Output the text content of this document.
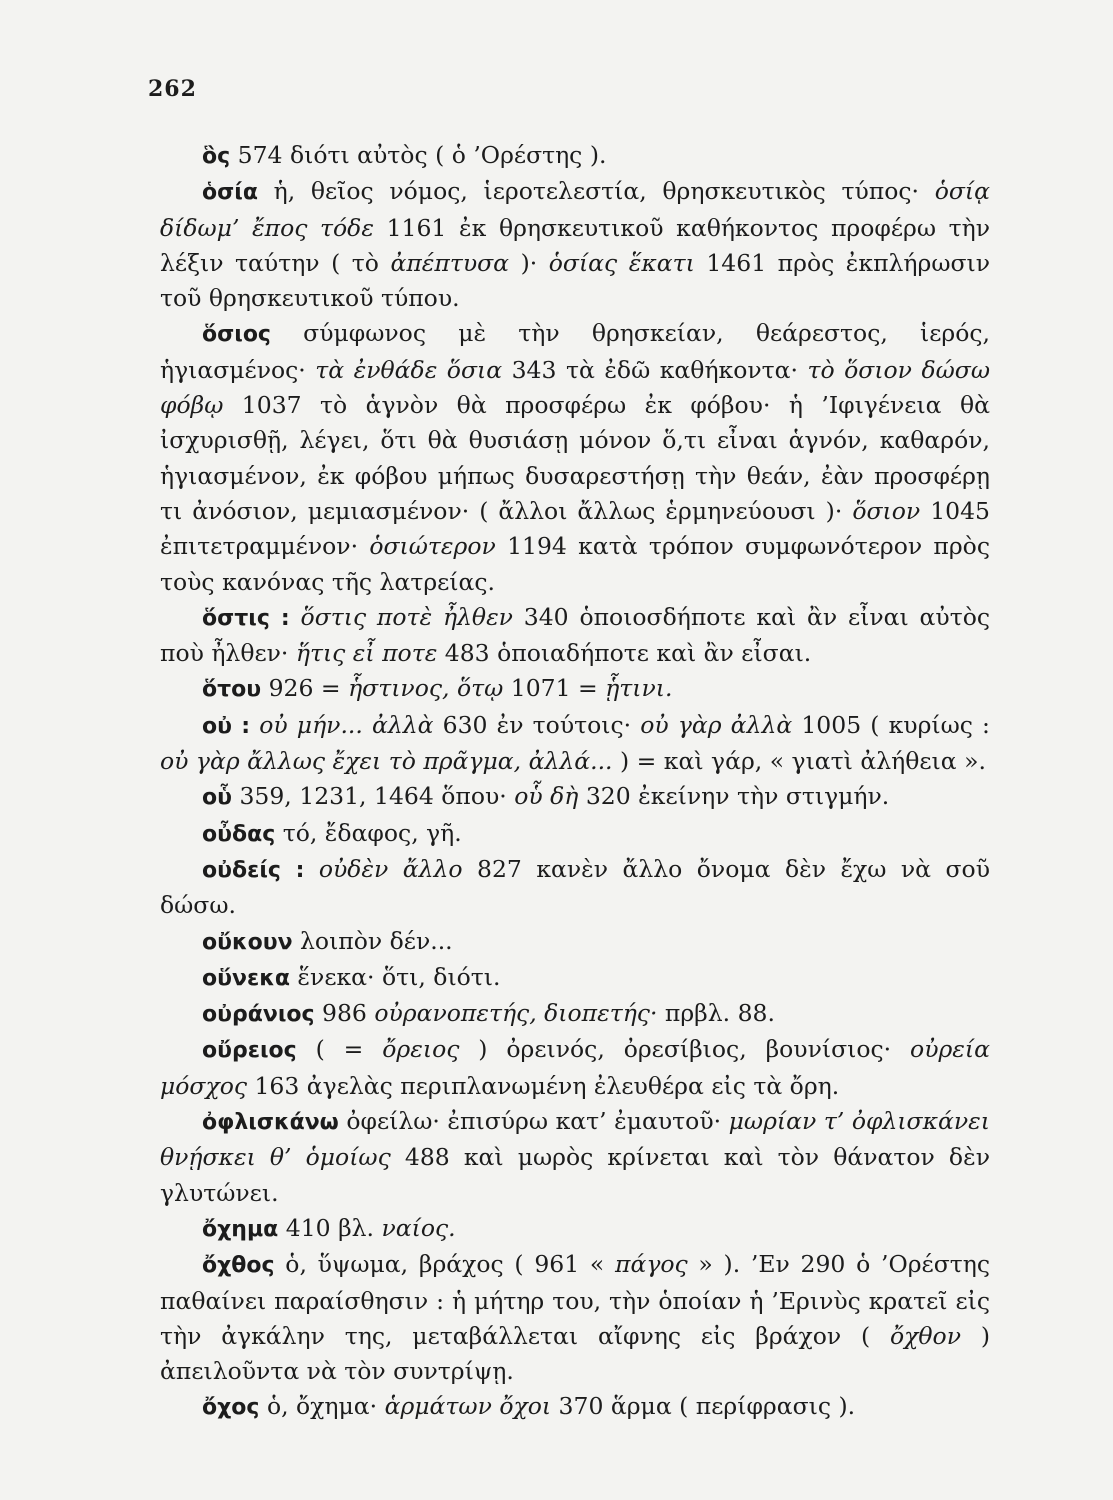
262

ὃς 574 διότι αὐτὸς ( ὁ ’Ορέστης ).

ὁσία ἡ, θεῖος νόμος, ἱεροτελεστία, θρησκευτικὸς τύπος· ὁσίᾳ δίδωμ’ ἔπος τόδε 1161 ἐκ θρησκευτικοῦ καθήκοντος προφέρω τὴν λέξιν ταύτην ( τὸ ἀπέπτυσα )· ὁσίας ἕκατι 1461 πρὸς ἐκπλήρωσιν τοῦ θρησκευτικοῦ τύπου.

ὅσιος σύμφωνος μὲ τὴν θρησκείαν, θεάρεστος, ἱερός, ἡγιασμένος· τὰ ἐνθάδε ὅσια 343 τὰ ἐδῶ καθήκοντα· τὸ ὅσιον δώσω φόβῳ 1037 τὸ ἁγνὸν θὰ προσφέρω ἐκ φόβου· ἡ ’Ιφιγένεια θὰ ἰσχυρισθῇ, λέγει, ὅτι θὰ θυσιάσῃ μόνον ὅ,τι εἶναι ἁγνόν, καθαρόν, ἡγιασμένον, ἐκ φόβου μήπως δυσαρεστήσῃ τὴν θεάν, ἐὰν προσφέρῃ τι ἀνόσιον, μεμιασμένον· ( ἄλλοι ἄλλως ἑρμηνεύουσι )· ὅσιον 1045 ἐπιτετραμμένον· ὁσιώτερον 1194 κατὰ τρόπον συμφωνότερον πρὸς τοὺς κανόνας τῆς λατρείας.

ὅστις : ὅστις ποτὲ ἦλθεν 340 ὁποιοσδήποτε καὶ ἂν εἶναι αὐτὸς ποὺ ἦλθεν· ἥτις εἶ ποτε 483 ὁποιαδήποτε καὶ ἂν εἶσαι.

ὅτου 926 = ἧστινος, ὅτῳ 1071 = ᾗτινι.

οὐ : οὐ μήν... ἀλλὰ 630 ἐν τούτοις· οὐ γὰρ ἀλλὰ 1005 ( κυρίως : οὐ γὰρ ἄλλως ἔχει τὸ πρᾶγμα, ἀλλά... ) = καὶ γάρ, « γιατὶ ἀλήθεια ».

οὗ 359, 1231, 1464 ὅπου· οὗ δὴ 320 ἐκείνην τὴν στιγμήν.

οὖδας τό, ἔδαφος, γῆ.

οὐδείς : οὐδὲν ἄλλο 827 κανὲν ἄλλο ὄνομα δὲν ἔχω νὰ σοῦ δώσω.

οὔκουν λοιπὸν δέν...

οὕνεκα ἕνεκα· ὅτι, διότι.

οὐράνιος 986 οὐρανοπετής, διοπετής· πρβλ. 88.

οὔρειος ( = ὄρειος ) ὀρεινός, ὀρεσίβιος, βουνίσιος· οὐρεία μόσχος 163 ἀγελὰς περιπλανωμένη ἐλευθέρα εἰς τὰ ὄρη.

ὀφλισκάνω ὀφείλω· ἐπισύρω κατ’ ἐμαυτοῦ· μωρίαν τ’ ὀφλισκάνει θνῄσκει θ’ ὁμοίως 488 καὶ μωρὸς κρίνεται καὶ τὸν θάνατον δὲν γλυτώνει.

ὄχημα 410 βλ. ναίος.

ὄχθος ὁ, ὕψωμα, βράχος ( 961 « πάγος » ). ’Εν 290 ὁ ’Ορέστης παθαίνει παραίσθησιν : ἡ μήτηρ του, τὴν ὁποίαν ἡ ’Ερινὺς κρατεῖ εἰς τὴν ἀγκάλην της, μεταβάλλεται αἴφνης εἰς βράχον ( ὄχθον ) ἀπειλοῦντα νὰ τὸν συντρίψῃ.

ὄχος ὁ, ὄχημα· ἁρμάτων ὄχοι 370 ἅρμα ( περίφρασις ).
